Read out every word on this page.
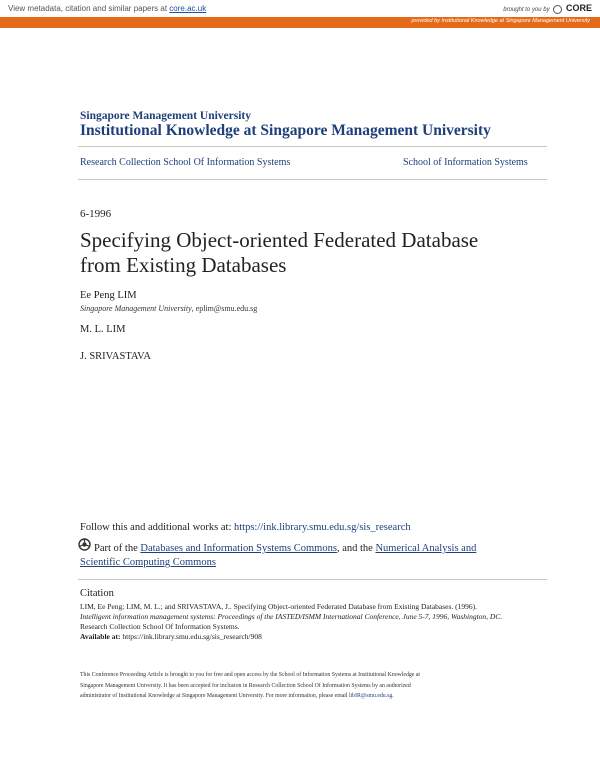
View metadata, citation and similar papers at core.ac.uk	brought to you by CORE
provided by Institutional Knowledge at Singapore Management University
Singapore Management University
Institutional Knowledge at Singapore Management University
Research Collection School Of Information Systems	School of Information Systems
6-1996
Specifying Object-oriented Federated Database from Existing Databases
Ee Peng LIM
Singapore Management University, eplim@smu.edu.sg
M. L. LIM
J. SRIVASTAVA
Follow this and additional works at: https://ink.library.smu.edu.sg/sis_research
Part of the Databases and Information Systems Commons, and the Numerical Analysis and
Scientific Computing Commons
Citation
LIM, Ee Peng; LIM, M. L.; and SRIVASTAVA, J.. Specifying Object-oriented Federated Database from Existing Databases. (1996).
Intelligent information management systems: Proceedings of the IASTED/ISMM International Conference, June 5-7, 1996, Washington, DC.
Research Collection School Of Information Systems.
Available at: https://ink.library.smu.edu.sg/sis_research/908
This Conference Proceeding Article is brought to you for free and open access by the School of Information Systems at Institutional Knowledge at
Singapore Management University. It has been accepted for inclusion in Research Collection School Of Information Systems by an authorized
administrator of Institutional Knowledge at Singapore Management University. For more information, please email libIR@smu.edu.sg.
